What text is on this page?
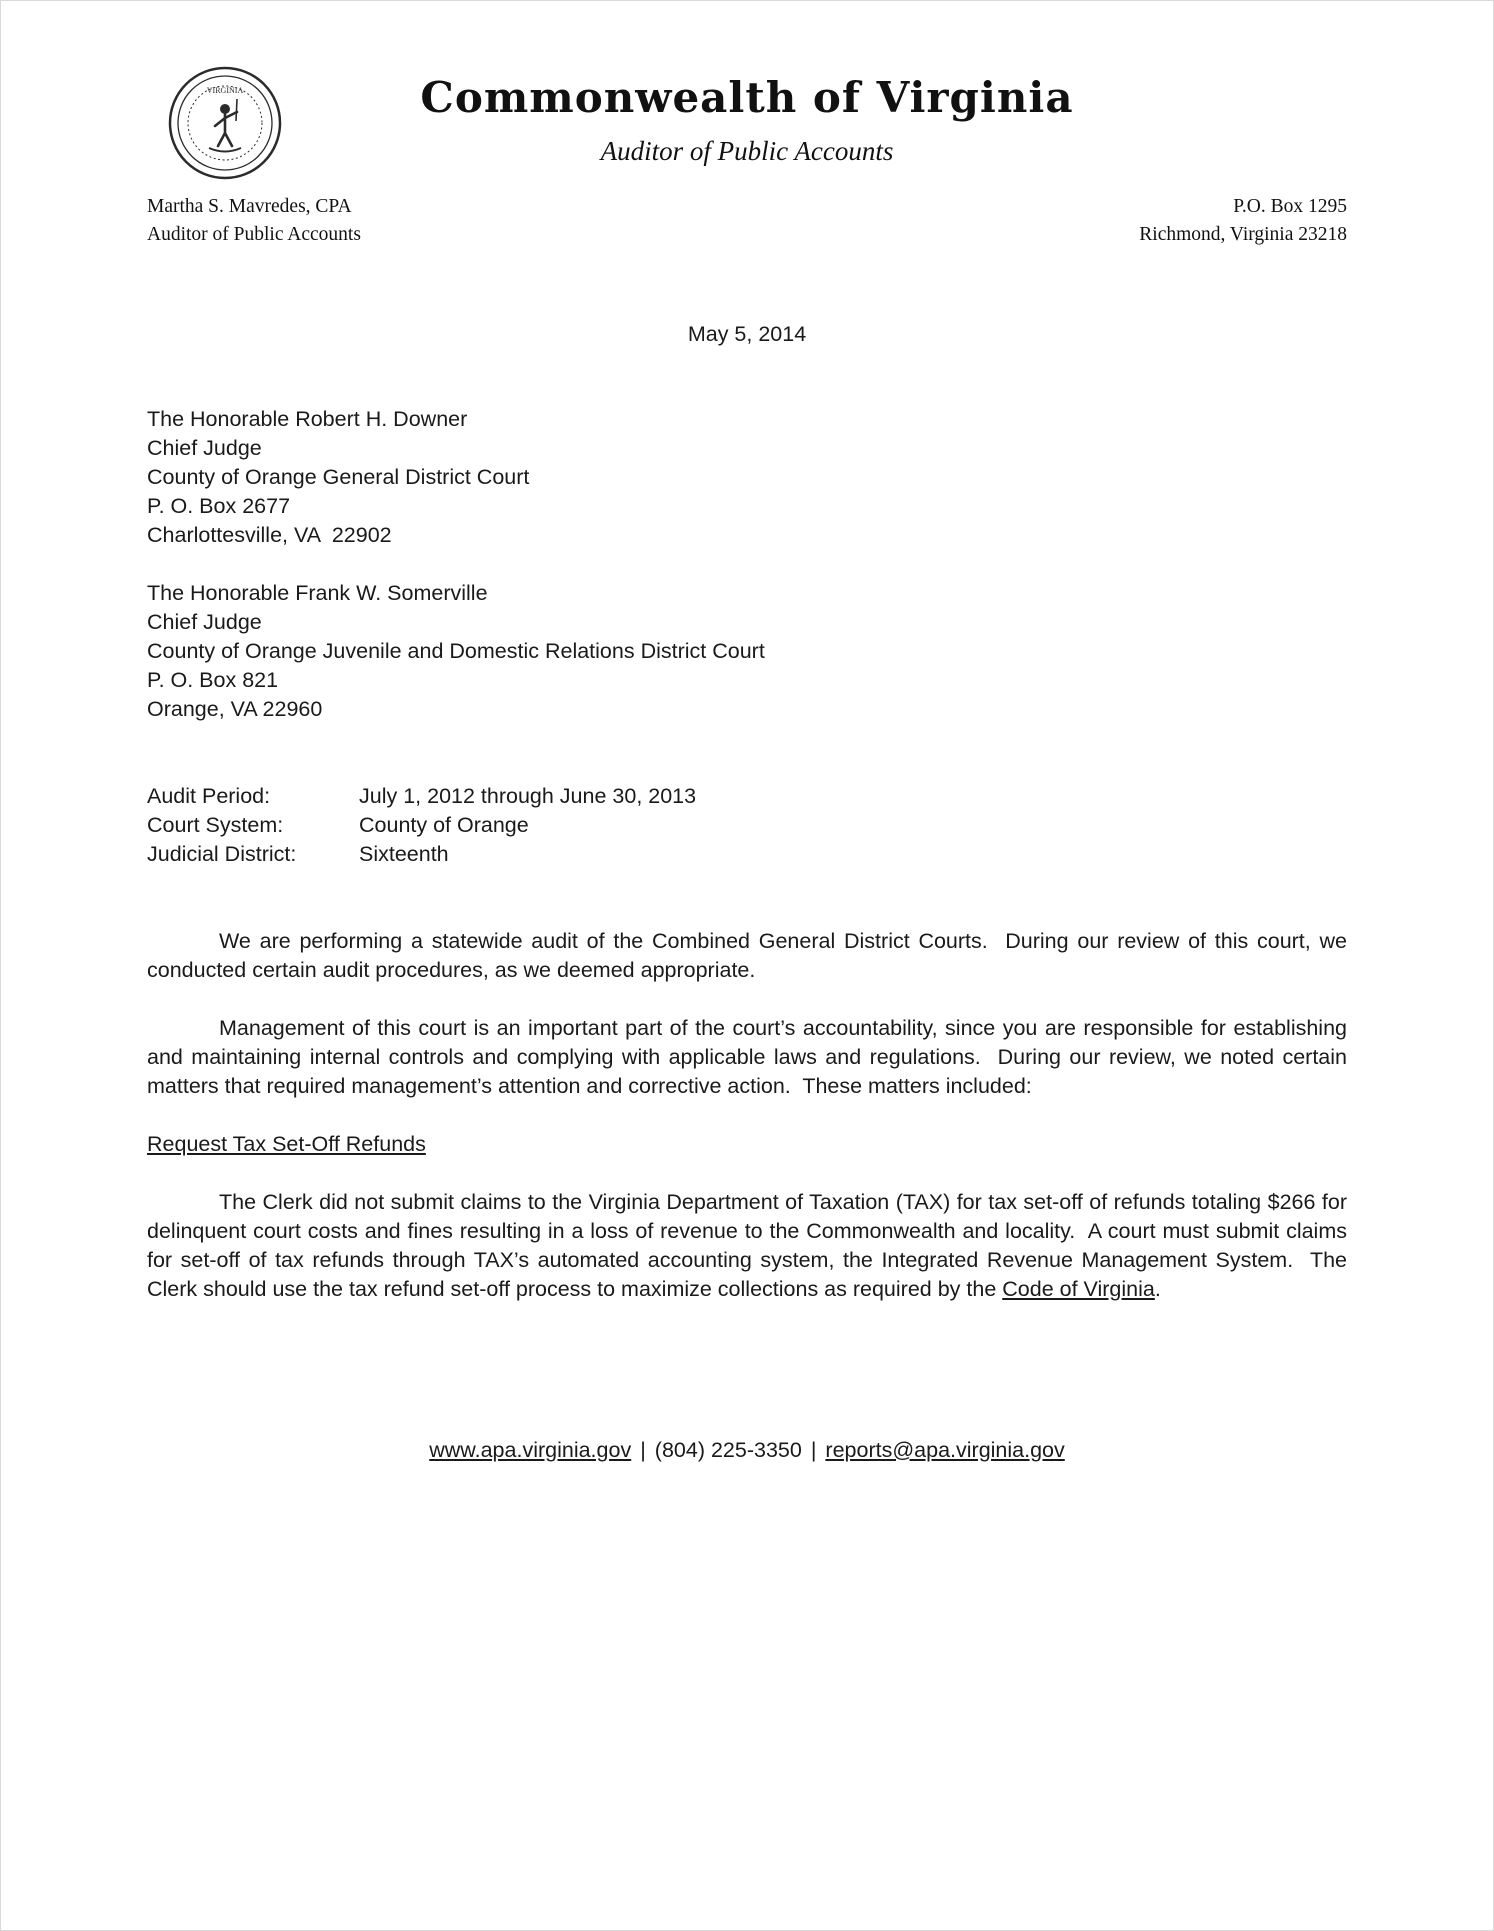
VIRGINIA	Commonwealth of Virginia
Auditor of Public Accounts
Martha S. Mavredes, CPA
Auditor of Public Accounts
P.O. Box 1295
Richmond, Virginia 23218
May 5, 2014
The Honorable Robert H. Downer
Chief Judge
County of Orange General District Court
P. O. Box 2677
Charlottesville, VA  22902
The Honorable Frank W. Somerville
Chief Judge
County of Orange Juvenile and Domestic Relations District Court
P. O. Box 821
Orange, VA 22960
Audit Period:	July 1, 2012 through June 30, 2013
Court System:	County of Orange
Judicial District:	Sixteenth

We are performing a statewide audit of the Combined General District Courts.  During our review of this court, we conducted certain audit procedures, as we deemed appropriate.

Management of this court is an important part of the court’s accountability, since you are responsible for establishing and maintaining internal controls and complying with applicable laws and regulations.  During our review, we noted certain matters that required management’s attention and corrective action.  These matters included:

Request Tax Set-Off Refunds

The Clerk did not submit claims to the Virginia Department of Taxation (TAX) for tax set-off of refunds totaling $266 for delinquent court costs and fines resulting in a loss of revenue to the Commonwealth and locality.  A court must submit claims for set-off of tax refunds through TAX’s automated accounting system, the Integrated Revenue Management System.  The Clerk should use the tax refund set-off process to maximize collections as required by the Code of Virginia.

www.apa.virginia.gov | (804) 225-3350 | reports@apa.virginia.gov
